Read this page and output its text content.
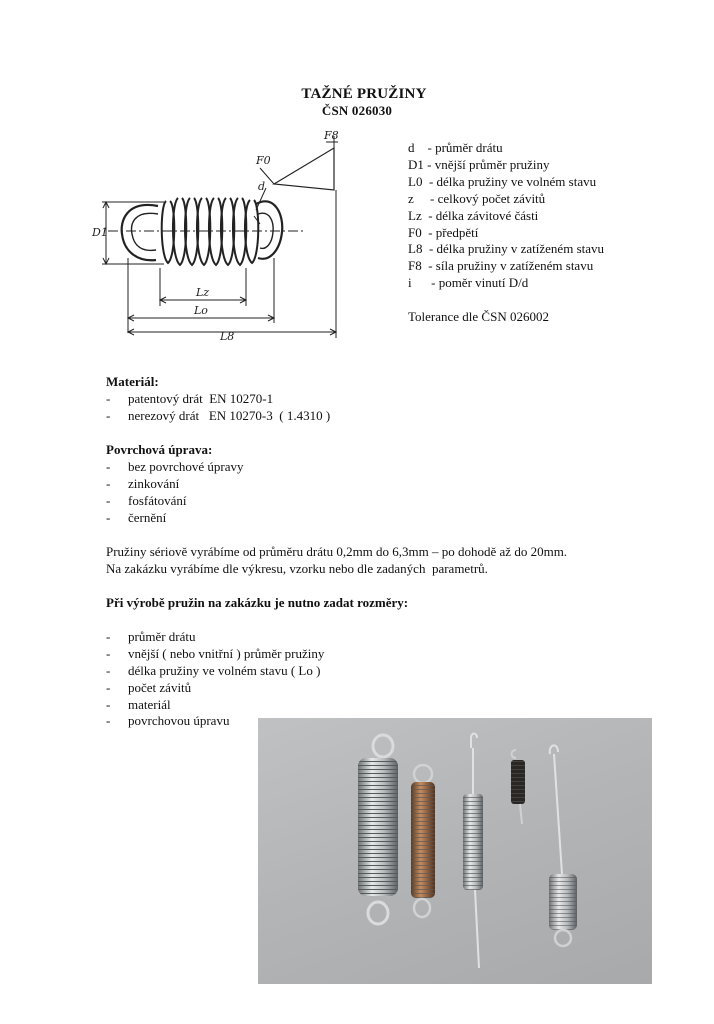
TAŽNÉ PRUŽINY
ČSN 026030
F8
F0
d
D1
Lz
Lo
L8
d    - průměr drátu
D1 - vnější průměr pružiny
L0  - délka pružiny ve volném stavu
z     - celkový počet závitů
Lz  - délka závitové části
F0  - předpětí
L8  - délka pružiny v zatíženém stavu
F8  - síla pružiny v zatíženém stavu
i      - poměr vinutí D/d
Tolerance dle ČSN 026002
Materiál:
-	patentový drát  EN 10270-1
-	nerezový drát   EN 10270-3  ( 1.4310 )
Povrchová úprava:
-	bez povrchové úpravy
-	zinkování
-	fosfátování
-	černění
Pružiny sériově vyrábíme od průměru drátu 0,2mm do 6,3mm – po dohodě až do 20mm.
Na zakázku vyrábíme dle výkresu, vzorku nebo dle zadaných  parametrů.
Při výrobě pružin na zakázku je nutno zadat rozměry:
-	průměr drátu
-	vnější ( nebo vnitřní ) průměr pružiny
-	délka pružiny ve volném stavu ( Lo )
-	počet závitů
-	materiál
-	povrchovou úpravu
